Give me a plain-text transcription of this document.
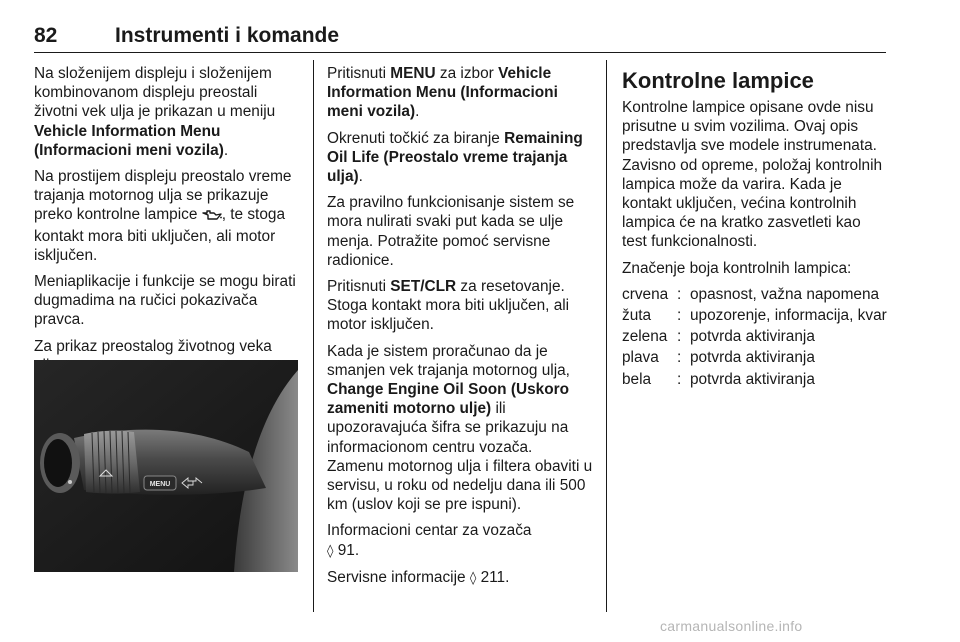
82	Instrumenti i komande

Na složenijem displeju i složenijem kombinovanom displeju preostali životni vek ulja je prikazan u meniju Vehicle Information Menu (Informacioni meni vozila).

Na prostijem displeju preostalo vreme trajanja motornog ulja se prikazuje preko kontrolne lampice , te stoga kontakt mora biti uključen, ali motor isključen.

Meniaplikacije i funkcije se mogu birati dugmadima na ručici pokazivača pravca.

Za prikaz preostalog životnog veka

MENU

Pritisnuti MENU za izbor Vehicle Information Menu (Informacioni meni vozila).

Okrenuti točkić za biranje Remaining Oil Life (Preostalo vreme trajanja ulja).

Za pravilno funkcionisanje sistem se mora nulirati svaki put kada se ulje menja. Potražite pomoć servisne radionice.

Pritisnuti SET/CLR za resetovanje. Stoga kontakt mora biti uključen, ali motor isključen.

Kada je sistem proračunao da je smanjen vek trajanja motornog ulja, Change Engine Oil Soon (Uskoro zameniti motorno ulje) ili upozoravajuća šifra se prikazuju na informacionom centru vozača. Zamenu motornog ulja i filtera obaviti u servisu, u roku od nedelju dana ili 500 km (uslov koji se pre ispuni).

Informacioni centar za vozača
◊ 91.

Servisne informacije ◊ 211.

Kontrolne lampice

Kontrolne lampice opisane ovde nisu prisutne u svim vozilima. Ovaj opis predstavlja sve modele instrumenata. Zavisno od opreme, položaj kontrolnih lampica može da varira. Kada je kontakt uključen, većina kontrolnih lampica će na kratko zasvetleti kao test funkcionalnosti.

Značenje boja kontrolnih lampica:

crvena : opasnost, važna napomena
žuta	: upozorenje, informacija, kvar
zelena : potvrda aktiviranja
plava	: potvrda aktiviranja
bela	: potvrda aktiviranja
carmanualsonline.info
